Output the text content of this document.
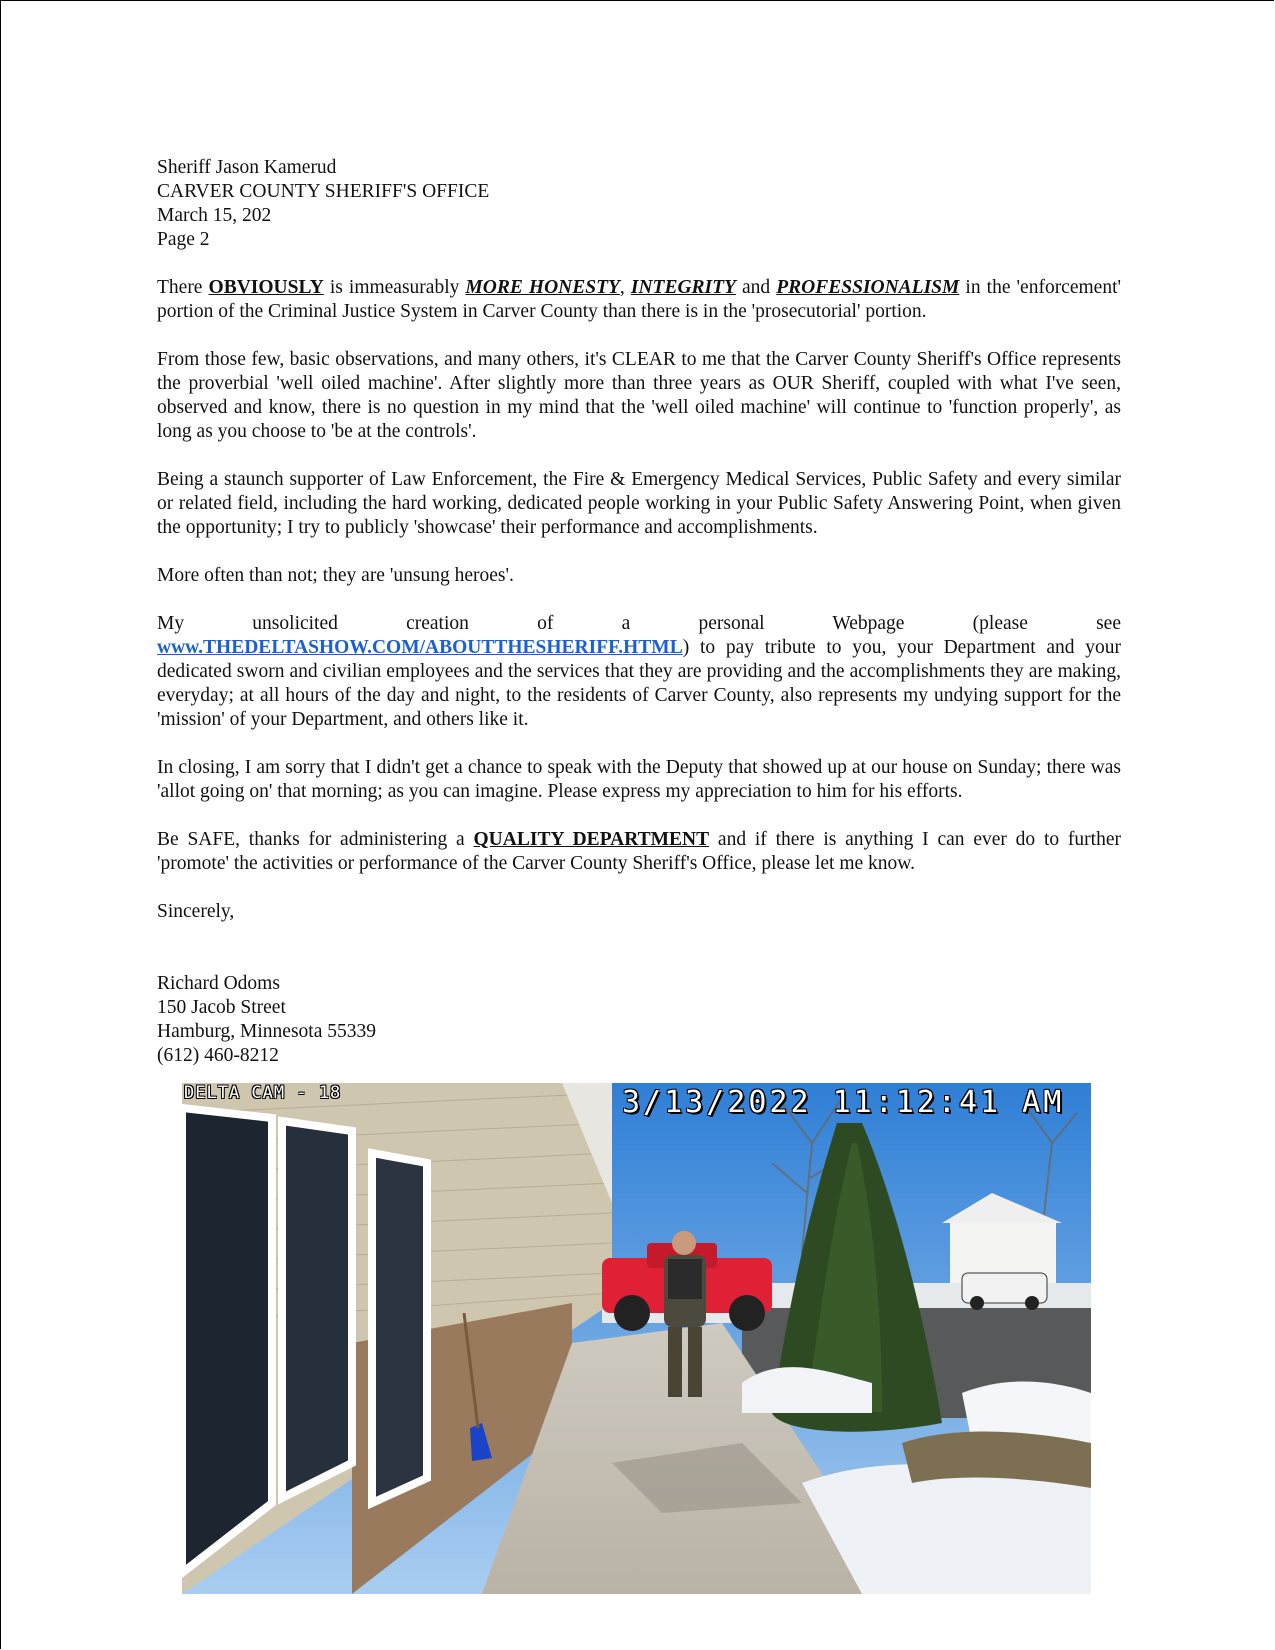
Sheriff Jason Kamerud
CARVER COUNTY SHERIFF'S OFFICE
March 15, 202
Page 2

There OBVIOUSLY is immeasurably MORE HONESTY, INTEGRITY and PROFESSIONALISM in the 'enforcement' portion of the Criminal Justice System in Carver County than there is in the 'prosecutorial' portion.

From those few, basic observations, and many others, it's CLEAR to me that the Carver County Sheriff's Office represents the proverbial 'well oiled machine'. After slightly more than three years as OUR Sheriff, coupled with what I've seen, observed and know, there is no question in my mind that the 'well oiled machine' will continue to 'function properly', as long as you choose to 'be at the controls'.

Being a staunch supporter of Law Enforcement, the Fire & Emergency Medical Services, Public Safety and every similar or related field, including the hard working, dedicated people working in your Public Safety Answering Point, when given the opportunity; I try to publicly 'showcase' their performance and accomplishments.

More often than not; they are 'unsung heroes'.

My unsolicited creation of a personal Webpage (please see www.THEDELTASHOW.COM/ABOUTTHESHERIFF.HTML) to pay tribute to you, your Department and your dedicated sworn and civilian employees and the services that they are providing and the accomplishments they are making, everyday; at all hours of the day and night, to the residents of Carver County, also represents my undying support for the 'mission' of your Department, and others like it.

In closing, I am sorry that I didn't get a chance to speak with the Deputy that showed up at our house on Sunday; there was 'allot going on' that morning; as you can imagine. Please express my appreciation to him for his efforts.

Be SAFE, thanks for administering a QUALITY DEPARTMENT and if there is anything I can ever do to further 'promote' the activities or performance of the Carver County Sheriff's Office, please let me know.

Sincerely,

Richard Odoms
150 Jacob Street
Hamburg, Minnesota 55339
(612) 460-8212
DELTA CAM - 18	3/13/2022 11:12:41 AM
